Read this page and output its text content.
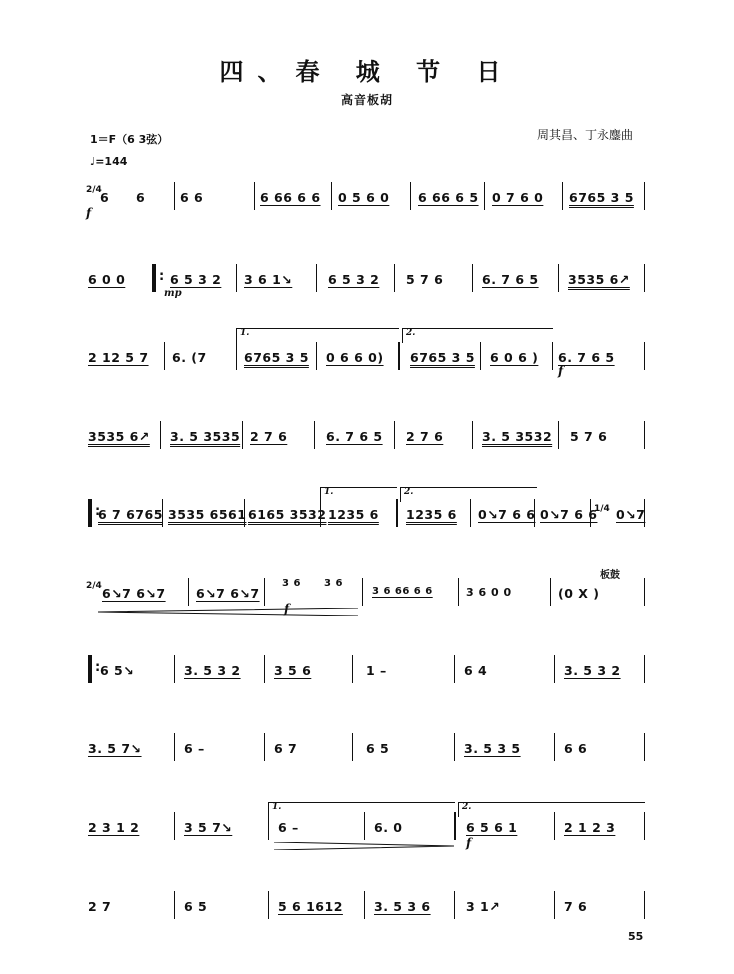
四、春 城 节 日
高音板胡
1＝F（6 3弦）
♩=144
周其昌、丁永鏖曲
2/4
6 6
f
6 6	6 66 6 6 0 5 6 0 6 66 6 5 0 7 6 0 6765 3 5
6 0 0
:	6 5 3 2
mp
3 6 1↘	6 5 3 2 5 7 6	6. 7 6 5 3535 6↗
2 12 5 7 6. (7
1.
6765 3 5 0 6 6 0)
2.
6765 3 5 6 0 6 ) 6. 7 6 5
f
3535 6↗ 3. 5 3535 2 7 6	6. 7 6 5 2 7 6	3. 5 3532 5 7 6
:
6 7 6765 3535 6561 6165 3532
1.
1235 6
2.
1235 6 0↘7 6 6 0↘7 6 6
1/4 0↘7
2/4 6↘7 6↘7 6↘7 6↘7
3 6 3 6
f
3 6 66 6 6	3 6 0 0	(0 X )
板鼓
:
6 5↘	3. 5 3 2	3 5 6	1 –	6 4	3. 5 3 2
3. 5 7↘	6 –	6 7	6 5	3. 5 3 5	6 6
2 3 1 2	3 5 7↘
1.
6 –	6. 0
2.
6 5 6 1
f
2 1 2 3
2 7	6 5	5 6 1612 3. 5 3 6	3 1↗	7 6
55
